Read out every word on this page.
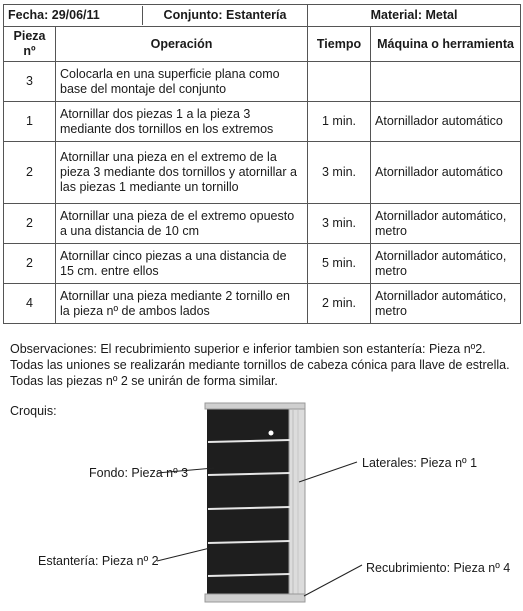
Fecha: 29/06/11 Conjunto: Estantería		Material: Metal	
Pieza nº	Operación	Tiempo	Máquina o herramienta
3	Colocarla en una superficie plana como base del montaje del conjunto		
1	Atornillar dos piezas 1 a la pieza 3 mediante dos tornillos en los extremos	1 min.	Atornillador automático
2	Atornillar una pieza en el extremo de la pieza 3 mediante dos tornillos y atornillar a las piezas 1 mediante un tornillo	3 min.	Atornillador automático
2	Atornillar una pieza de el extremo opuesto a una distancia de 10 cm	3 min.	Atornillador automático, metro
2	Atornillar cinco piezas a una distancia de 15 cm. entre ellos	5 min.	Atornillador automático, metro
4	Atornillar una pieza mediante 2 tornillo en la pieza nº de ambos lados	2 min.	Atornillador automático, metro
Observaciones: El recubrimiento superior e inferior tambien son estantería: Pieza nº2. Todas las uniones se realizarán mediante tornillos de cabeza cónica para llave de estrella. Todas las piezas nº 2 se unirán de forma similar.
Croquis:
Fondo: Pieza nº 3
Laterales: Pieza nº 1
Estantería: Pieza nº 2	Recubrimiento: Pieza nº 4
